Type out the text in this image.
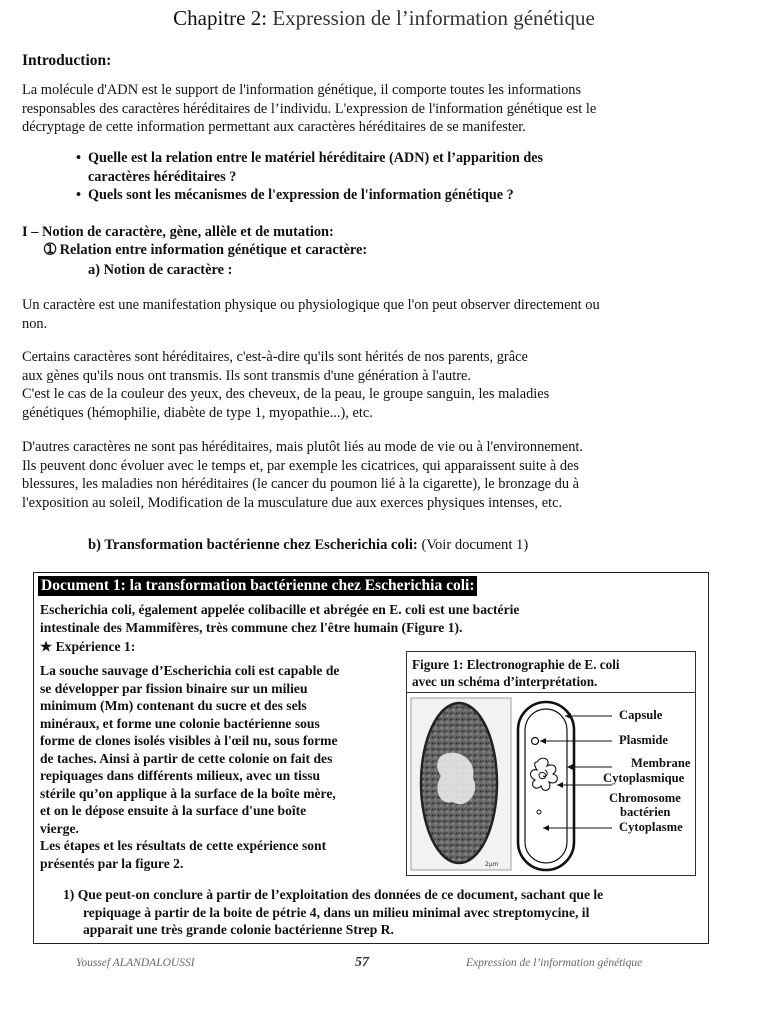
Chapitre 2: Expression de l’information génétique
Introduction:
La molécule d'ADN est le support de l'information génétique, il comporte toutes les informations
responsables des caractères héréditaires de l’individu. L'expression de l'information génétique est le
décryptage de cette information permettant aux caractères héréditaires de se manifester.
• Quelle est la relation entre le matériel héréditaire (ADN) et l’apparition des
caractères héréditaires ?
• Quels sont les mécanismes de l'expression de l'information génétique ?
I – Notion de caractère, gène, allèle et de mutation:
➀ Relation entre information génétique et caractère:
a) Notion de caractère :
Un caractère est une manifestation physique ou physiologique que l'on peut observer directement ou
non.
Certains caractères sont héréditaires, c'est-à-dire qu'ils sont hérités de nos parents, grâce
aux gènes qu'ils nous ont transmis. Ils sont transmis d'une génération à l'autre.
C'est le cas de la couleur des yeux, des cheveux, de la peau, le groupe sanguin, les maladies
génétiques (hémophilie, diabète de type 1, myopathie...), etc.
D'autres caractères ne sont pas héréditaires, mais plutôt liés au mode de vie ou à l'environnement.
Ils peuvent donc évoluer avec le temps et, par exemple les cicatrices, qui apparaissent suite à des
blessures, les maladies non héréditaires (le cancer du poumon lié à la cigarette), le bronzage du à
l'exposition au soleil, Modification de la musculature due aux exerces physiques intenses, etc.
b) Transformation bactérienne chez Escherichia coli: (Voir document 1)
Document 1: la transformation bactérienne chez Escherichia coli:
Escherichia coli, également appelée colibacille et abrégée en E. coli est une bactérie
intestinale des Mammifères, très commune chez l'être humain (Figure 1).
★ Expérience 1:
La souche sauvage d’Escherichia coli est capable de
se développer par fission binaire sur un milieu
minimum (Mm) contenant du sucre et des sels
minéraux, et forme une colonie bactérienne sous
forme de clones isolés visibles à l'œil nu, sous forme
de taches. Ainsi à partir de cette colonie on fait des
repiquages dans différents milieux, avec un tissu
stérile qu’on applique à la surface de la boîte mère,
et on le dépose ensuite à la surface d'une boîte
vierge.
Les étapes et les résultats de cette expérience sont
présentés par la figure 2.
Figure 1: Electronographie de E. coli
avec un schéma d’interprétation.
2μm
Capsule
Plasmide
Membrane
Cytoplasmique
Chromosome
bactérien
Cytoplasme
1) Que peut-on conclure à partir de l’exploitation des données de ce document, sachant que le
repiquage à partir de la boite de pétrie 4, dans un milieu minimal avec streptomycine, il
apparait une très grande colonie bactérienne Strep R.
Youssef ALANDALOUSSI	57	Expression de l’information génétique
